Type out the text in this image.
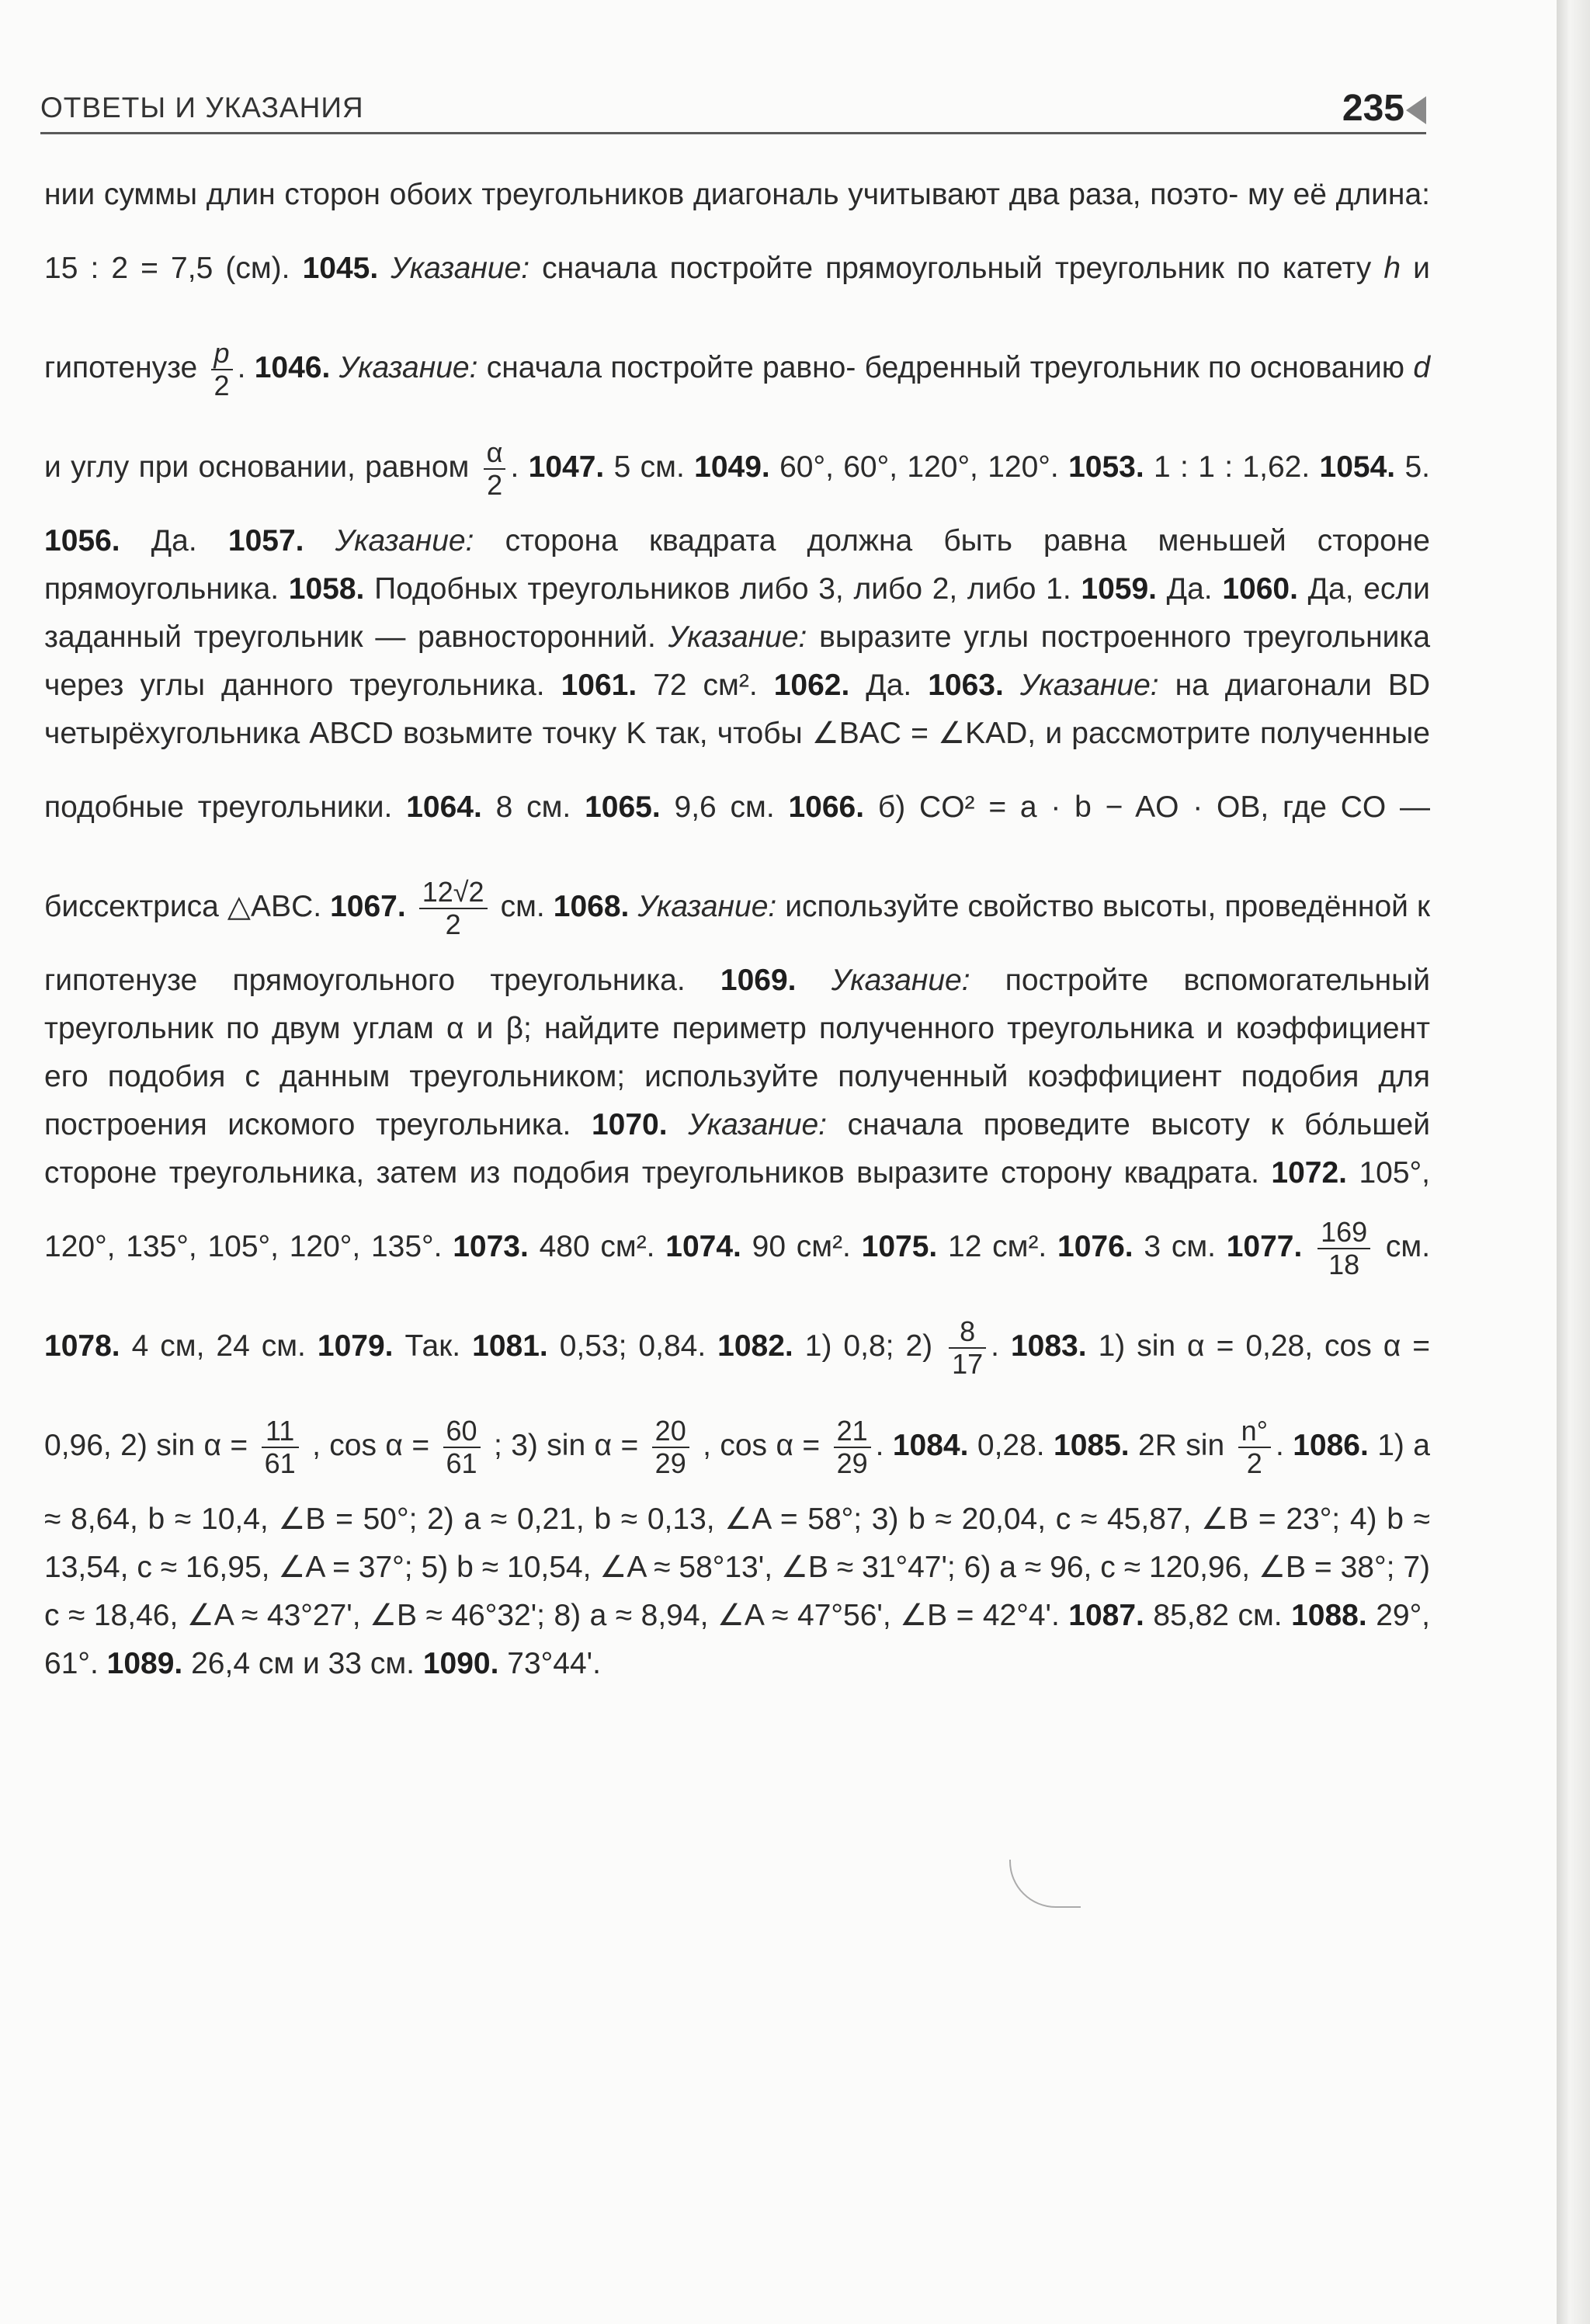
ОТВЕТЫ И УКАЗАНИЯ	235
нии суммы длин сторон обоих треугольников диагональ учитывают два раза, поэто- му её длина: 15 : 2 = 7,5 (см). 1045. Указание: сначала постройте прямоугольный треугольник по катету h и гипотенузе $\frac{p}{2}$ . 1046. Указание: сначала постройте равно- бедренный треугольник по основанию d и углу при основании, равном $\frac{\alpha}{2}$ . 1047. 5 см. 1049. 60°, 60°, 120°, 120°. 1053. 1 : 1 : 1,62. 1054. 5. 1056. Да. 1057. Указание: сторона квадрата должна быть равна меньшей стороне прямоугольника. 1058. Подобных треугольников либо 3, либо 2, либо 1. 1059. Да. 1060. Да, если заданный треугольник — равносторонний. Указание: выразите углы построенного треугольника через углы данного треугольника. 1061. 72 см². 1062. Да. 1063. Указание: на диагонали BD четырёхугольника ABCD возьмите точку K так, чтобы ∠BAC = ∠KAD, и рассмотрите полученные подобные треугольники. 1064. 8 см. 1065. 9,6 см. 1066. б) CO² = a · b − AO · OB, где CO — биссектриса △ABC. 1067. $\frac{12√2}{2}$ см. 1068. Указание: используйте свойство высоты, проведённой к гипотенузе прямоугольного треугольника. 1069. Указание: постройте вспомогательный треугольник по двум углам α и β; найдите периметр полученного треугольника и коэффициент его подобия с данным треугольником; используйте полученный коэффициент подобия для построения искомого треугольника. 1070. Указание: сначала проведите высоту к бо́льшей стороне треугольника, затем из подобия треугольников выразите сторону квадрата. 1072. 105°, 120°, 135°, 105°, 120°, 135°. 1073. 480 см². 1074. 90 см². 1075. 12 см². 1076. 3 см. 1077. $\frac{169}{18}$ см. 1078. 4 см, 24 см. 1079. Так. 1081. 0,53; 0,84. 1082. 1) 0,8; $2) \frac{8}{17}$ . 1083. 1) sin α = 0,28, cos α = 0,96, 2) $\sin \alpha = \frac{11}{61}$ , $\cos \alpha = \frac{60}{61}$ ; 3) $\sin \alpha = \frac{20}{29}$ , $\cos \alpha = \frac{21}{29}$ . 1084. 0,28. 1085. 2R $\sin \frac{n^\circ}{2}$ . 1086. 1) a ≈ 8,64, b ≈ 10,4, ∠B = 50°; 2) a ≈ 0,21, b ≈ 0,13, ∠A = 58°; 3) b ≈ 20,04, c ≈ 45,87, ∠B = 23°; 4) b ≈ 13,54, c ≈ 16,95, ∠A = 37°; 5) b ≈ 10,54, ∠A ≈ 58°13', ∠B ≈ 31°47'; 6) a ≈ 96, c ≈ 120,96, ∠B = 38°; 7) c ≈ 18,46, ∠A ≈ 43°27', ∠B ≈ 46°32'; 8) a ≈ 8,94, ∠A ≈ 47°56', ∠B = 42°4'. 1087. 85,82 см. 1088. 29°, 61°. 1089. 26,4 см и 33 см. 1090. 73°44'.
